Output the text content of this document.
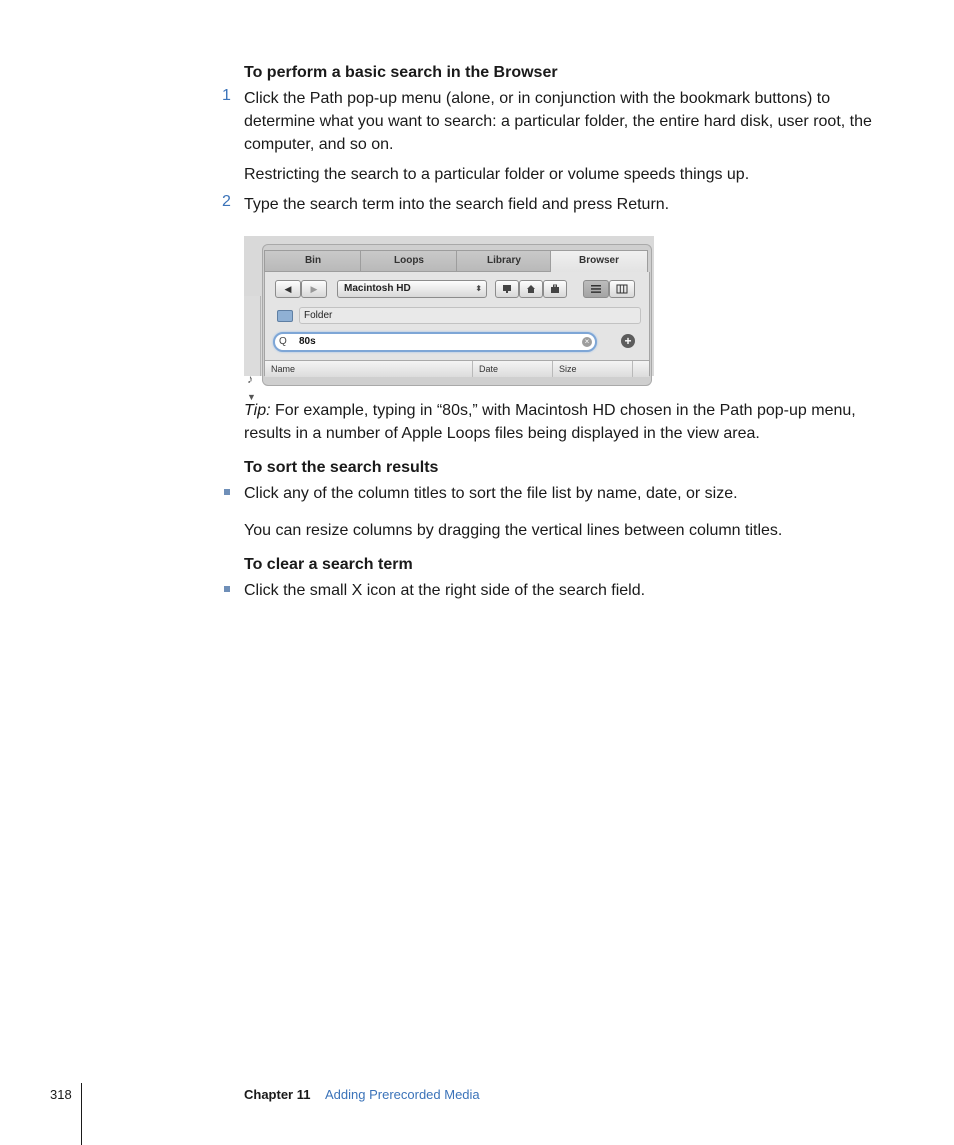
To perform a basic search in the Browser
1 Click the Path pop-up menu (alone, or in conjunction with the bookmark buttons) to determine what you want to search: a particular folder, the entire hard disk, user root, the computer, and so on.
Restricting the search to a particular folder or volume speeds things up.
2 Type the search term into the search field and press Return.
♪
▼
Bin	Loops	Library	Browser
◀	▶	Macintosh HD	⬍
Folder
Q 80s	×	+
Name	Date	Size
Tip: For example, typing in “80s,” with Macintosh HD chosen in the Path pop-up menu, results in a number of Apple Loops files being displayed in the view area.
To sort the search results
Click any of the column titles to sort the file list by name, date, or size.
You can resize columns by dragging the vertical lines between column titles.
To clear a search term
Click the small X icon at the right side of the search field.
318	Chapter 11 Adding Prerecorded Media
